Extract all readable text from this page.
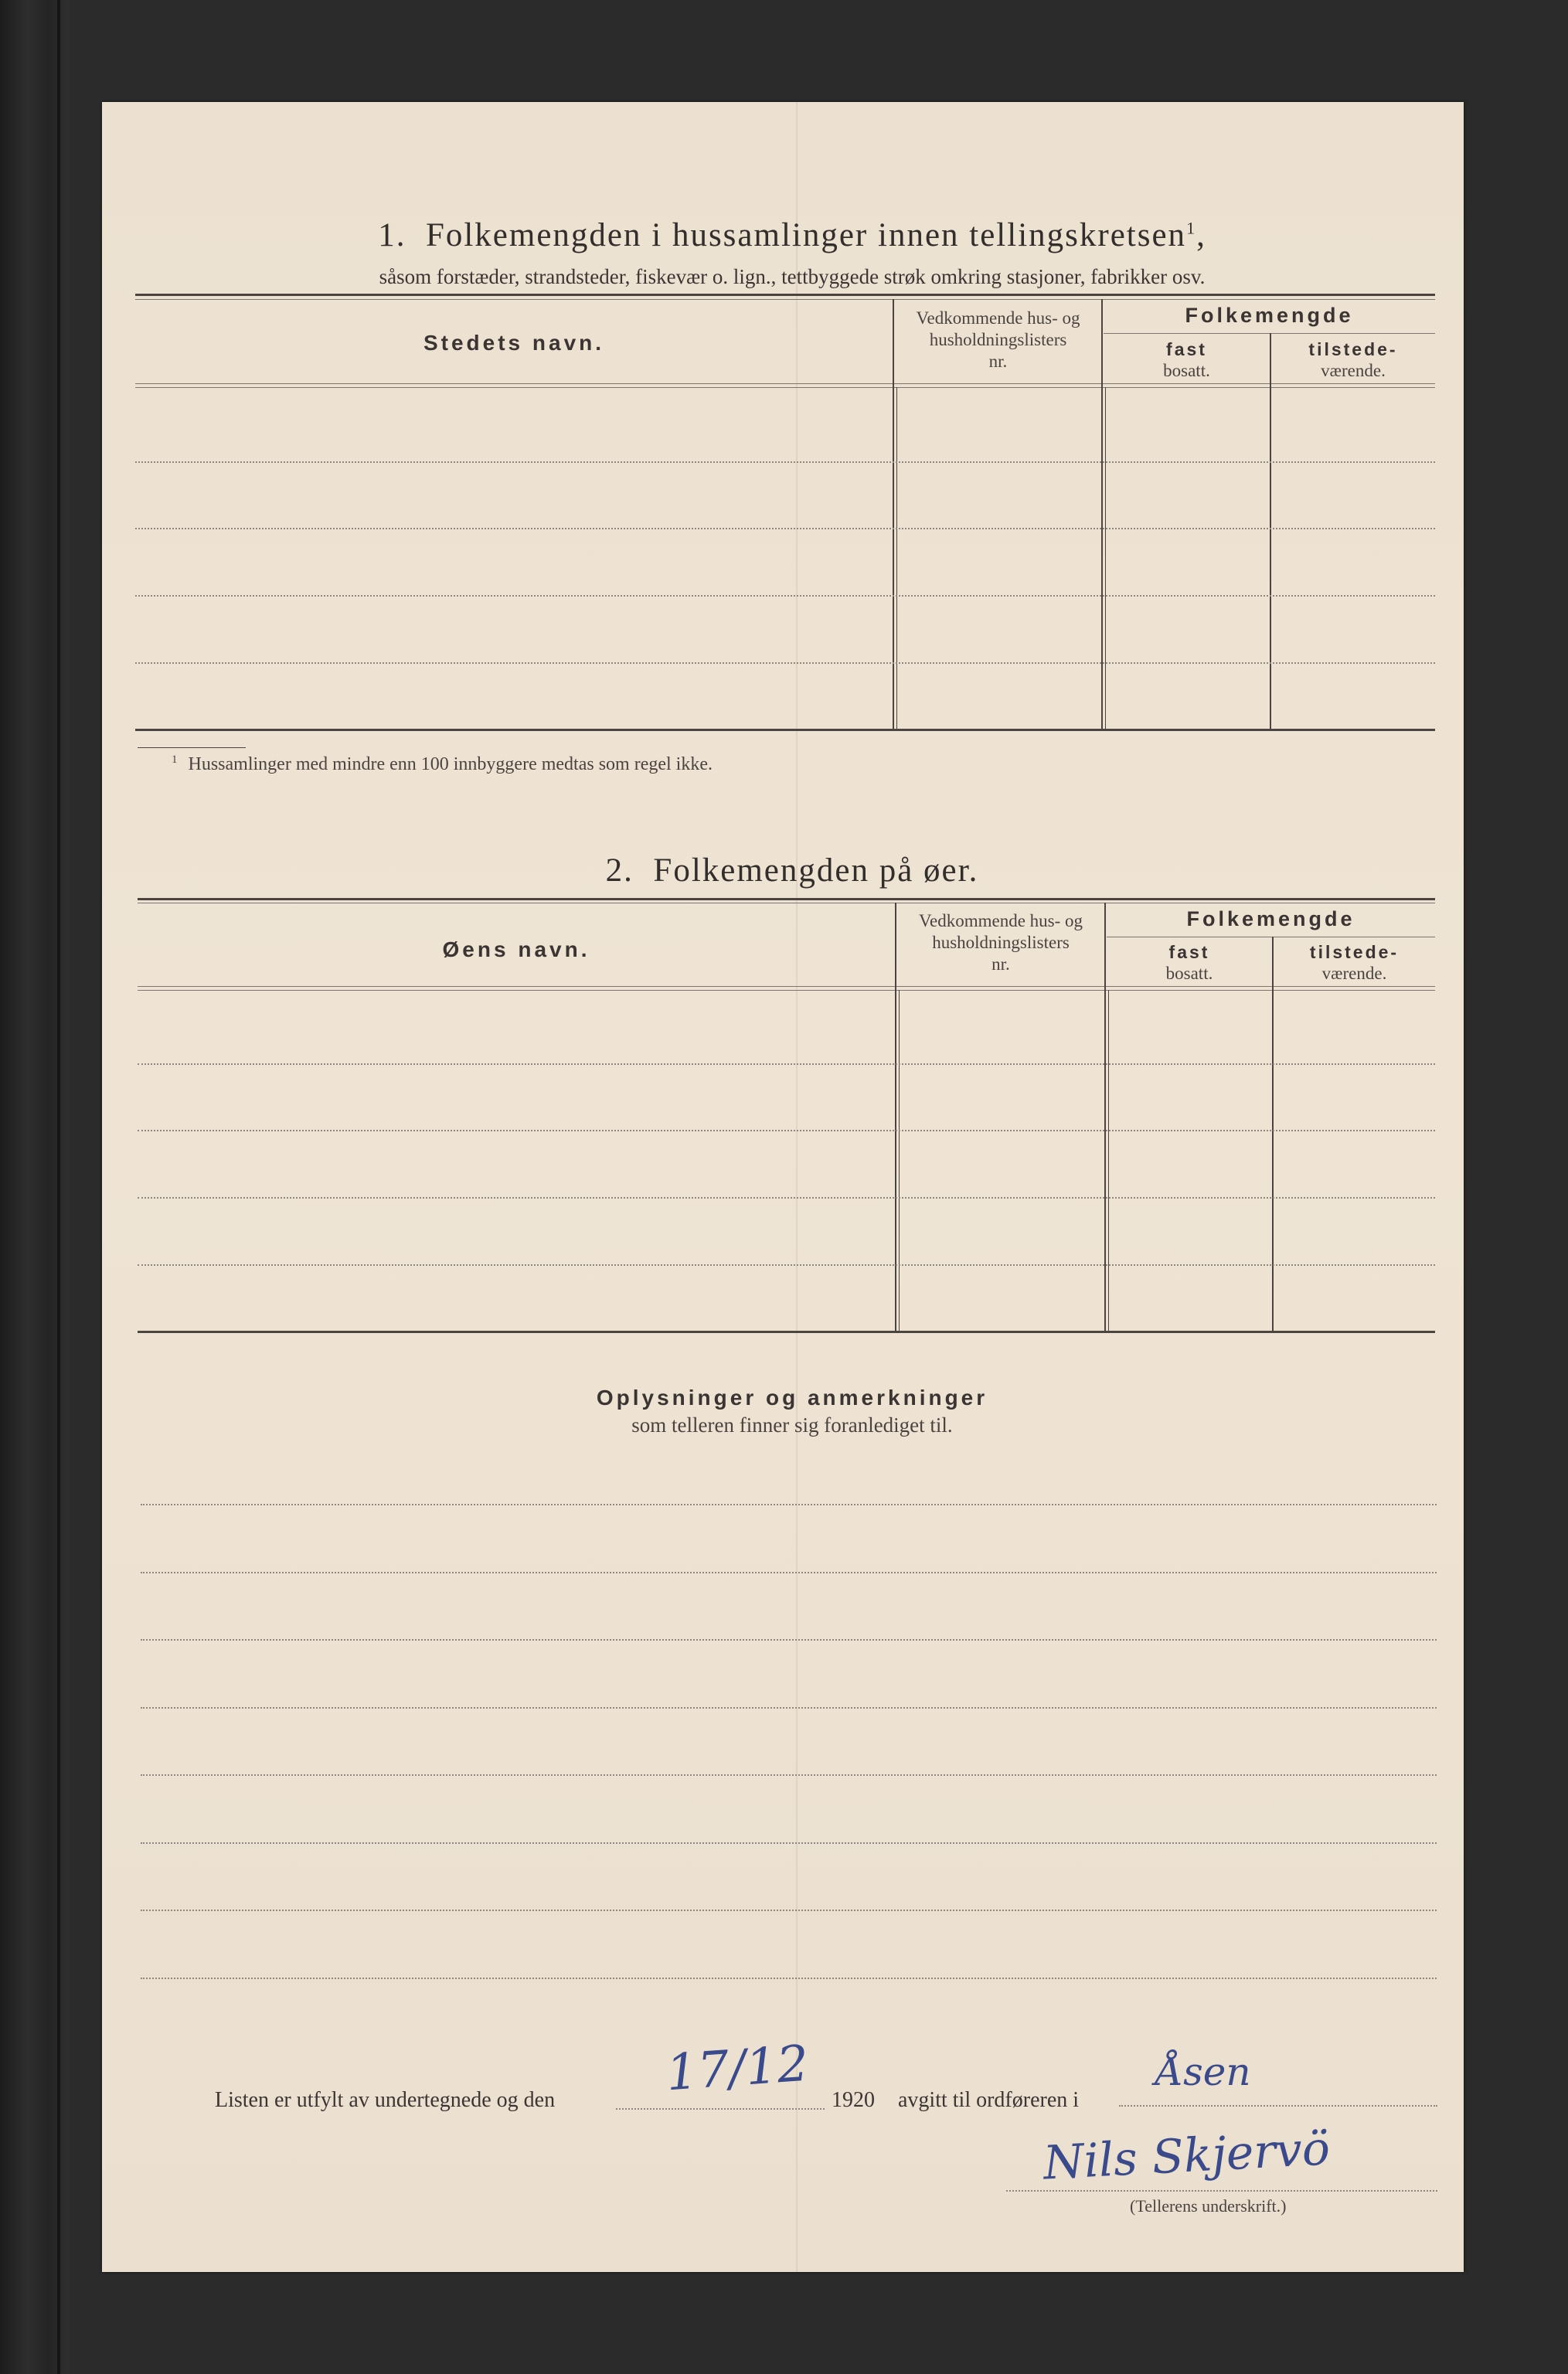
1. Folkemengden i hussamlinger innen tellingskretsen$^1$,
såsom forstæder, strandsteder, fiskevær o. lign., tettbyggede strøk omkring stasjoner, fabrikker osv.
Stedets navn.
Vedkommende hus- og
husholdningslisters
nr.
Folkemengde
fast
bosatt.
tilstede-
værende.
$^1$ Hussamlinger med mindre enn 100 innbyggere medtas som regel ikke.
2. Folkemengden på øer.
Øens navn.
Vedkommende hus- og
husholdningslisters
nr.
Folkemengde
fast
bosatt.
tilstede-
værende.
Oplysninger og anmerkninger
som telleren finner sig foranlediget til.
Listen er utfylt av undertegnede og den 17/12 1920 avgitt til ordføreren i
Åsen
Nils Skjervö
(Tellerens underskrift.)
